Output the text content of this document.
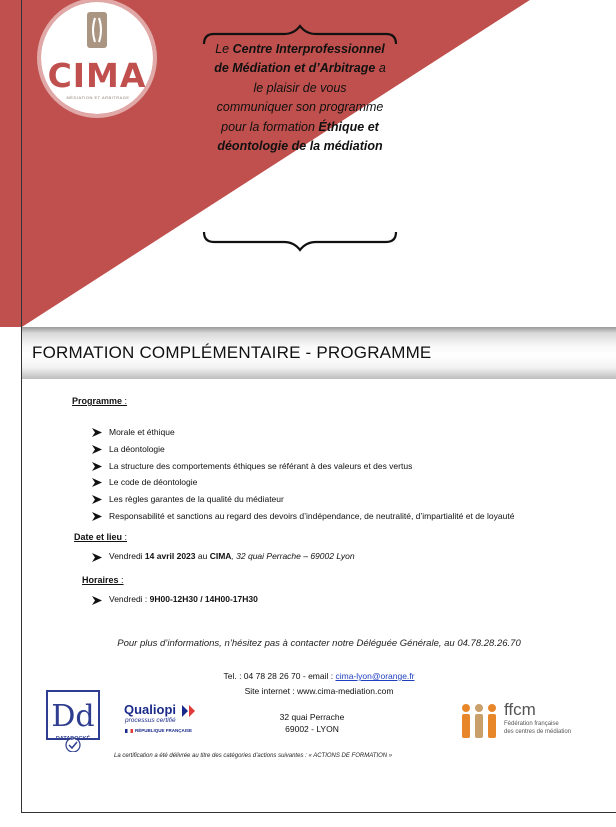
CIMA
MÉDIATION ET ARBITRAGE
Le Centre Interprofessionnel de Médiation et d’Arbitrage a le plaisir de vous communiquer son programme pour la formation Éthique et déontologie de la médiation
FORMATION COMPLÉMENTAIRE - PROGRAMME
Programme :
Morale et éthique
La déontologie
La structure des comportements éthiques se référant à des valeurs et des vertus
Le code de déontologie
Les règles garantes de la qualité du médiateur
Responsabilité et sanctions au regard des devoirs d’indépendance, de neutralité, d’impartialité et de loyauté
Date et lieu :
Vendredi 14 avril 2023 au CIMA, 32 quai Perrache – 69002 Lyon
Horaires :
Vendredi : 9H00-12H30 / 14H00-17H30
Pour plus d’informations, n’hésitez pas à contacter notre Déléguée Générale, au 04.78.28.26.70
Tel. : 04 78 28 26 70 - email : cima-lyon@orange.fr
Site internet : www.cima-mediation.com
Dd
DATADOCKÉ
Qualiopi
processus certifié
RÉPUBLIQUE FRANÇAISE
32 quai Perrache
69002 - LYON
ffcm
Fédération française
des centres de médiation
La certification a été délivrée au titre des catégories d’actions suivantes : « ACTIONS DE FORMATION »
